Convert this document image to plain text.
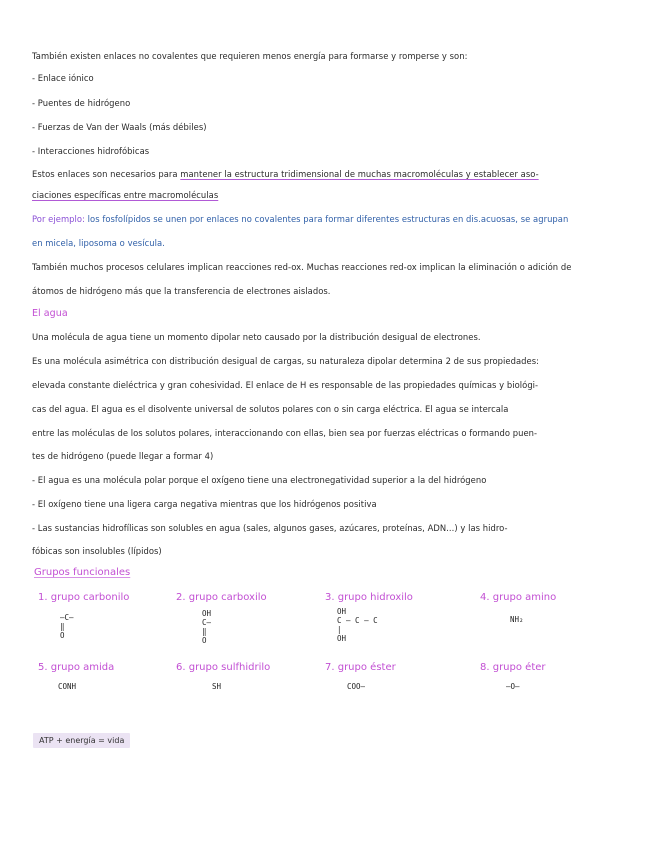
También existen enlaces no covalentes que requieren menos energía para formarse y romperse y son:
- Enlace iónico
- Puentes de hidrógeno
- Fuerzas de Van der Waals (más débiles)
- Interacciones hidrofóbicas
Estos enlaces son necesarios para mantener la estructura tridimensional de muchas macromoléculas y establecer aso-
ciaciones específicas entre macromoléculas
Por ejemplo: los fosfolípidos se unen por enlaces no covalentes para formar diferentes estructuras en dis.acuosas, se agrupan
en micela, liposoma o vesícula.
También muchos procesos celulares implican reacciones red-ox. Muchas reacciones red-ox implican la eliminación o adición de
átomos de hidrógeno más que la transferencia de electrones aislados.
El agua
Una molécula de agua tiene un momento dipolar neto causado por la distribución desigual de electrones.
Es una molécula asimétrica con distribución desigual de cargas, su naturaleza dipolar determina 2 de sus propiedades:
elevada constante dieléctrica y gran cohesividad. El enlace de H es responsable de las propiedades químicas y biológi-
cas del agua. El agua es el disolvente universal de solutos polares con o sin carga eléctrica. El agua se intercala
entre las moléculas de los solutos polares, interaccionando con ellas, bien sea por fuerzas eléctricas o formando puen-
tes de hidrógeno (puede llegar a formar 4)
- El agua es una molécula polar porque el oxígeno tiene una electronegatividad superior a la del hidrógeno
- El oxígeno tiene una ligera carga negativa mientras que los hidrógenos positiva
- Las sustancias hidrofílicas son solubles en agua (sales, algunos gases, azúcares, proteínas, ADN...) y las hidro-
fóbicas son insolubles (lípidos)
Grupos funcionales
1. grupo carbonilo
–C–
‖
O
2. grupo carboxilo
OH
C–
‖
O
3. grupo hidroxilo
OH
C – C – C
|
OH
4. grupo amino
NH₂
5. grupo amida
CONH
6. grupo sulfhidrilo
SH
7. grupo éster
COO–
8. grupo éter
–O–
ATP + energía = vida
